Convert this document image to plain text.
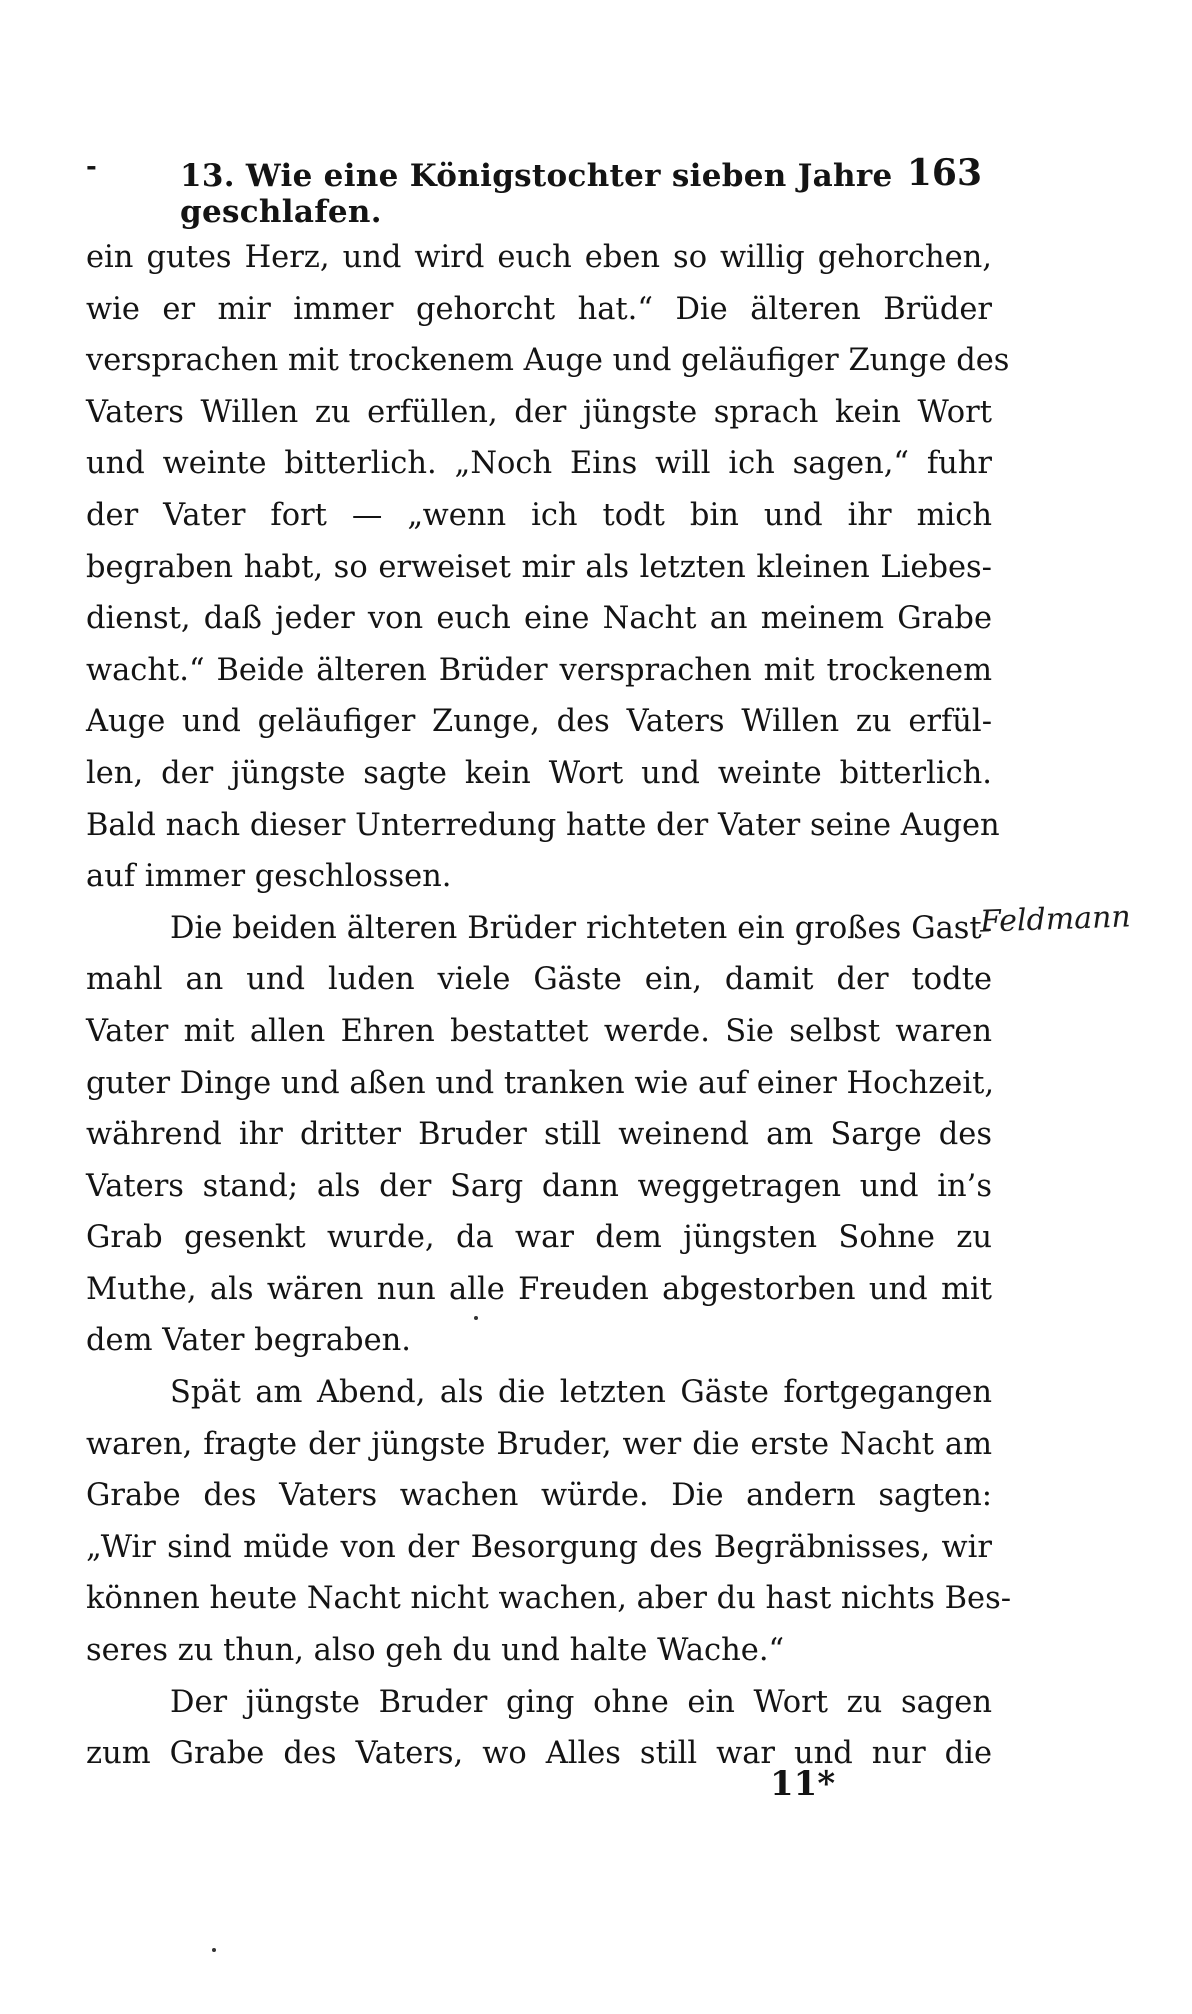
-	13. Wie eine Königstochter sieben Jahre geschlafen.
163
ein gutes Herz, und wird euch eben so willig gehorchen,
wie er mir immer gehorcht hat.“ Die älteren Brüder
versprachen mit trockenem Auge und geläufiger Zunge des
Vaters Willen zu erfüllen, der jüngste sprach kein Wort
und weinte bitterlich. „Noch Eins will ich sagen,“ fuhr
der Vater fort — „wenn ich todt bin und ihr mich
begraben habt, so erweiset mir als letzten kleinen Liebes-
dienst, daß jeder von euch eine Nacht an meinem Grabe
wacht.“ Beide älteren Brüder versprachen mit trockenem
Auge und geläufiger Zunge, des Vaters Willen zu erfül-
len, der jüngste sagte kein Wort und weinte bitterlich.
Bald nach dieser Unterredung hatte der Vater seine Augen
auf immer geschlossen.
Die beiden älteren Brüder richteten ein großes Gast-
mahl an und luden viele Gäste ein, damit der todte
Vater mit allen Ehren bestattet werde. Sie selbst waren
guter Dinge und aßen und tranken wie auf einer Hochzeit,
während ihr dritter Bruder still weinend am Sarge des
Vaters stand; als der Sarg dann weggetragen und in’s
Grab gesenkt wurde, da war dem jüngsten Sohne zu
Muthe, als wären nun alle Freuden abgestorben und mit
dem Vater begraben.
Spät am Abend, als die letzten Gäste fortgegangen
waren, fragte der jüngste Bruder, wer die erste Nacht am
Grabe des Vaters wachen würde. Die andern sagten:
„Wir sind müde von der Besorgung des Begräbnisses, wir
können heute Nacht nicht wachen, aber du hast nichts Bes-
seres zu thun, also geh du und halte Wache.“
Der jüngste Bruder ging ohne ein Wort zu sagen
zum Grabe des Vaters, wo Alles still war und nur die
Feldmann
11*
